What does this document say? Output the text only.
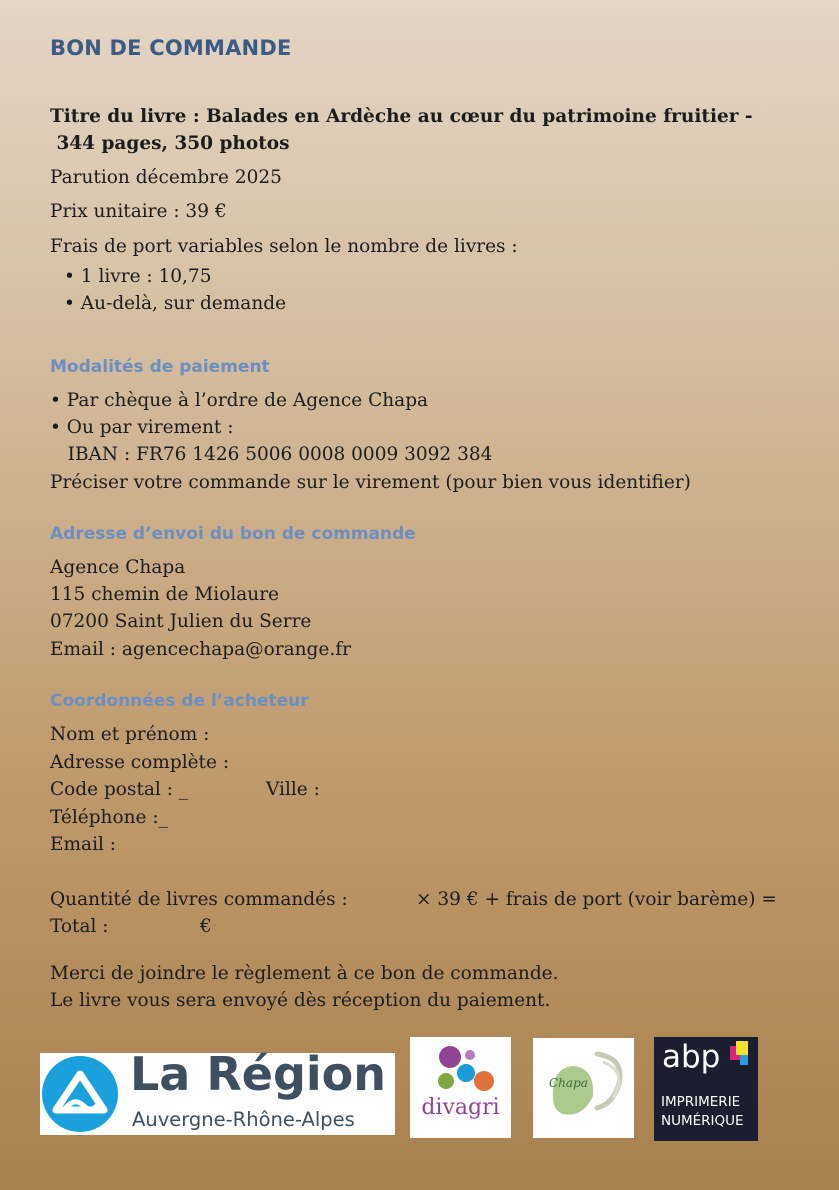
BON DE COMMANDE
Titre du livre : Balades en Ardèche au cœur du patrimoine fruitier -
344 pages, 350 photos
Parution décembre 2025
Prix unitaire : 39 €
Frais de port variables selon le nombre de livres :
• 1 livre : 10,75
• Au-delà, sur demande
Modalités de paiement
• Par chèque à l’ordre de Agence Chapa
• Ou par virement :
IBAN : FR76 1426 5006 0008 0009 3092 384
Préciser votre commande sur le virement (pour bien vous identifier)
Adresse d’envoi du bon de commande
Agence Chapa
115 chemin de Miolaure
07200 Saint Julien du Serre
Email : agencechapa@orange.fr
Coordonnées de l’acheteur
Nom et prénom :
Adresse complète :
Code postal : _	Ville :
Téléphone :_
Email :
Quantité de livres commandés :	× 39 € + frais de port (voir barème) =
Total :	€
Merci de joindre le règlement à ce bon de commande.
Le livre vous sera envoyé dès réception du paiement.
La Région
Auvergne-Rhône-Alpes	divagri
Chapa
abp
IMPRIMERIE
NUMÉRIQUE
